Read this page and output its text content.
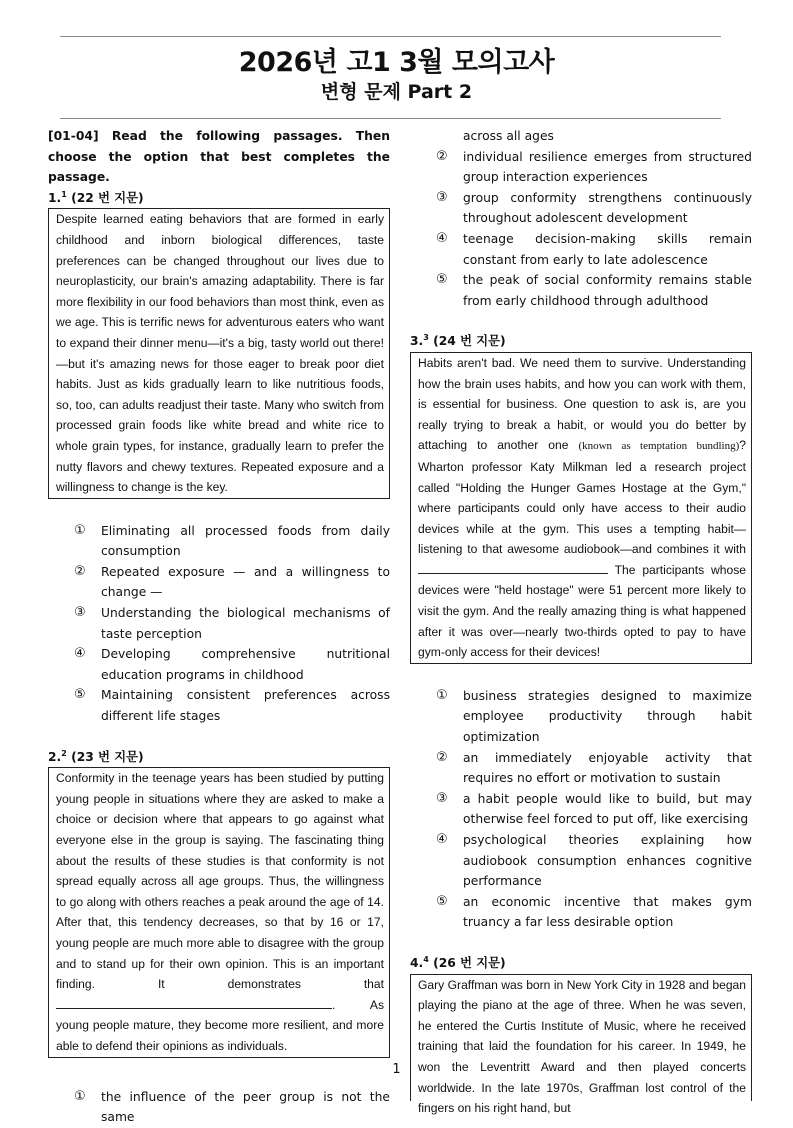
2026년 고1 3월 모의고사
변형 문제 Part 2
[01-04] Read the following passages. Then choose the option that best completes the passage.
1.$^1$ (22 번 지문)
Despite learned eating behaviors that are formed in early childhood and inborn biological differences, taste preferences can be changed throughout our lives due to neuroplasticity, our brain's amazing adaptability. There is far more flexibility in our food behaviors than most think, even as we age. This is terrific news for adventurous eaters who want to expand their dinner menu—it's a big, tasty world out there!—but it's amazing news for those eager to break poor diet habits. Just as kids gradually learn to like nutritious foods, so, too, can adults readjust their taste. Many who switch from processed grain foods like white bread and white rice to whole grain types, for instance, gradually learn to prefer the nutty flavors and chewy textures. Repeated exposure and a willingness to change is the key.
①	Eliminating all processed foods from daily consumption
②	Repeated exposure — and a willingness to change —
③	Understanding the biological mechanisms of taste perception
④	Developing comprehensive nutritional education programs in childhood
⑤	Maintaining consistent preferences across different life stages
2.$^2$ (23 번 지문)
Conformity in the teenage years has been studied by putting young people in situations where they are asked to make a choice or decision where that appears to go against what everyone else in the group is saying. The fascinating thing about the results of these studies is that conformity is not spread equally across all age groups. Thus, the willingness to go along with others reaches a peak around the age of 14. After that, this tendency decreases, so that by 16 or 17, young people are much more able to disagree with the group and to stand up for their own opinion. This is an important finding. It demonstrates that . As young people mature, they become more resilient, and more able to defend their opinions as individuals.
①	the influence of the peer group is not the same
across all ages
②	individual resilience emerges from structured group interaction experiences
③	group conformity strengthens continuously throughout adolescent development
④	teenage decision-making skills remain constant from early to late adolescence
⑤	the peak of social conformity remains stable from early childhood through adulthood
3.$^3$ (24 번 지문)
Habits aren't bad. We need them to survive. Understanding how the brain uses habits, and how you can work with them, is essential for business. One question to ask is, are you really trying to break a habit, or would you do better by attaching to another one (known as temptation bundling)? Wharton professor Katy Milkman led a research project called "Holding the Hunger Games Hostage at the Gym," where participants could only have access to their audio devices while at the gym. This uses a tempting habit—listening to that awesome audiobook—and combines it with  The participants whose devices were "held hostage" were 51 percent more likely to visit the gym. And the really amazing thing is what happened after it was over—nearly two-thirds opted to pay to have gym-only access for their devices!
①	business strategies designed to maximize employee productivity through habit optimization
②	an immediately enjoyable activity that requires no effort or motivation to sustain
③	a habit people would like to build, but may otherwise feel forced to put off, like exercising
④	psychological theories explaining how audiobook consumption enhances cognitive performance
⑤	an economic incentive that makes gym truancy a far less desirable option
4.$^4$ (26 번 지문)
Gary Graffman was born in New York City in 1928 and began playing the piano at the age of three. When he was seven, he entered the Curtis Institute of Music, where he received training that laid the foundation for his career. In 1949, he won the Leventritt Award and then played concerts worldwide. In the late 1970s, Graffman lost control of the fingers on his right hand, but
1
